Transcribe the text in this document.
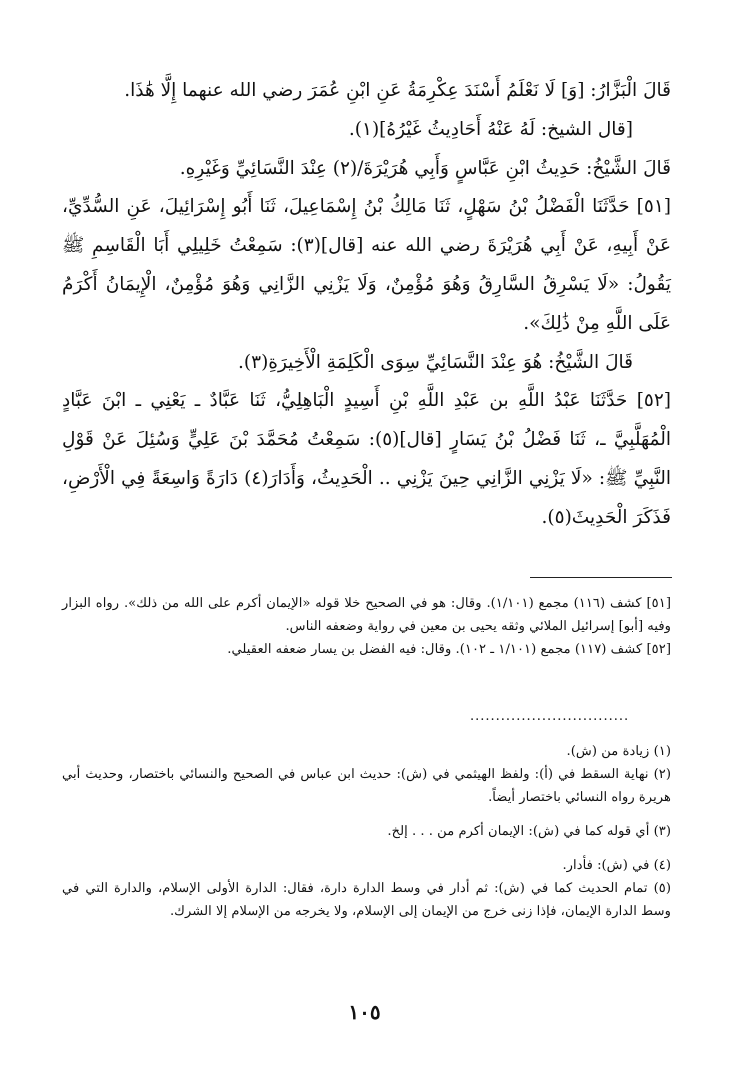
قَالَ الْبَزَّارُ: [وَ] لَا نَعْلَمُ أَسْنَدَ عِكْرِمَةُ عَنِ ابْنِ عُمَرَ رضي الله عنهما إِلَّا هَٰذَا.

[قال الشيخ: لَهُ عَنْهُ أَحَادِيثُ غَيْرُهُ](١).

قَالَ الشَّيْخُ: حَدِيثُ ابْنِ عَبَّاسٍ وَأَبِي هُرَيْرَةَ/(٢) عِنْدَ النَّسَائِيِّ وَغَيْرِهِ.

[٥١] حَدَّثَنَا الْفَضْلُ بْنُ سَهْلٍ، ثَنَا مَالِكُ بْنُ إِسْمَاعِيلَ، ثَنَا أَبُو إِسْرَائِيلَ، عَنِ السُّدِّيِّ، عَنْ أَبِيهِ، عَنْ أَبِي هُرَيْرَةَ رضي الله عنه [قال](٣): سَمِعْتُ خَلِيلِي أَبَا الْقَاسِمِ ﷺ يَقُولُ: «لَا يَسْرِقُ السَّارِقُ وَهُوَ مُؤْمِنٌ، وَلَا يَزْنِي الزَّانِي وَهُوَ مُؤْمِنٌ، الْإِيمَانُ أَكْرَمُ عَلَى اللَّهِ مِنْ ذَٰلِكَ».

قَالَ الشَّيْخُ: هُوَ عِنْدَ النَّسَائِيِّ سِوَى الْكَلِمَةِ الْأَخِيرَةِ(٣).

[٥٢] حَدَّثَنَا عَبْدُ اللَّهِ بن عَبْدِ اللَّهِ بْنِ أَسِيدٍ الْبَاهِلِيُّ، ثَنَا عَبَّادٌ ـ يَعْنِي ـ ابْنَ عَبَّادٍ الْمُهَلَّبِيَّ ـ، ثَنَا فَضْلُ بْنُ يَسَارٍ [قال](٥): سَمِعْتُ مُحَمَّدَ بْنَ عَلِيٍّ وَسُئِلَ عَنْ قَوْلِ النَّبِيِّ ﷺ: «لَا يَزْنِي الزَّانِي حِينَ يَزْنِي .. الْحَدِيثُ، وَأَدَارَ(٤) دَارَةً وَاسِعَةً فِي الْأَرْضِ، فَذَكَرَ الْحَدِيثَ(٥).

[٥١] كشف (١١٦) مجمع (١/١٠١). وقال: هو في الصحيح خلا قوله «الإيمان أكرم على الله من ذلك». رواه البزار وفيه [أبو] إسرائيل الملائي وثقه يحيى بن معين في رواية وضعفه الناس.

[٥٢] كشف (١١٧) مجمع (١/١٠١ ـ ١٠٢). وقال: فيه الفضل بن يسار ضعفه العقيلي.

...............................

(١) زيادة من (ش).

(٢) نهاية السقط في (أ): ولفظ الهيثمي في (ش): حديث ابن عباس في الصحيح والنسائي باختصار، وحديث أبي هريرة رواه النسائي باختصار أيضاً.

(٣) أي قوله كما في (ش): الإيمان أكرم من . . . إلخ.

(٤) في (ش): فأدار.

(٥) تمام الحديث كما في (ش): ثم أدار في وسط الدارة دارة، فقال: الدارة الأولى الإسلام، والدارة التي في وسط الدارة الإيمان، فإذا زنى خرج من الإيمان إلى الإسلام، ولا يخرجه من الإسلام إلا الشرك.

١٠٥
